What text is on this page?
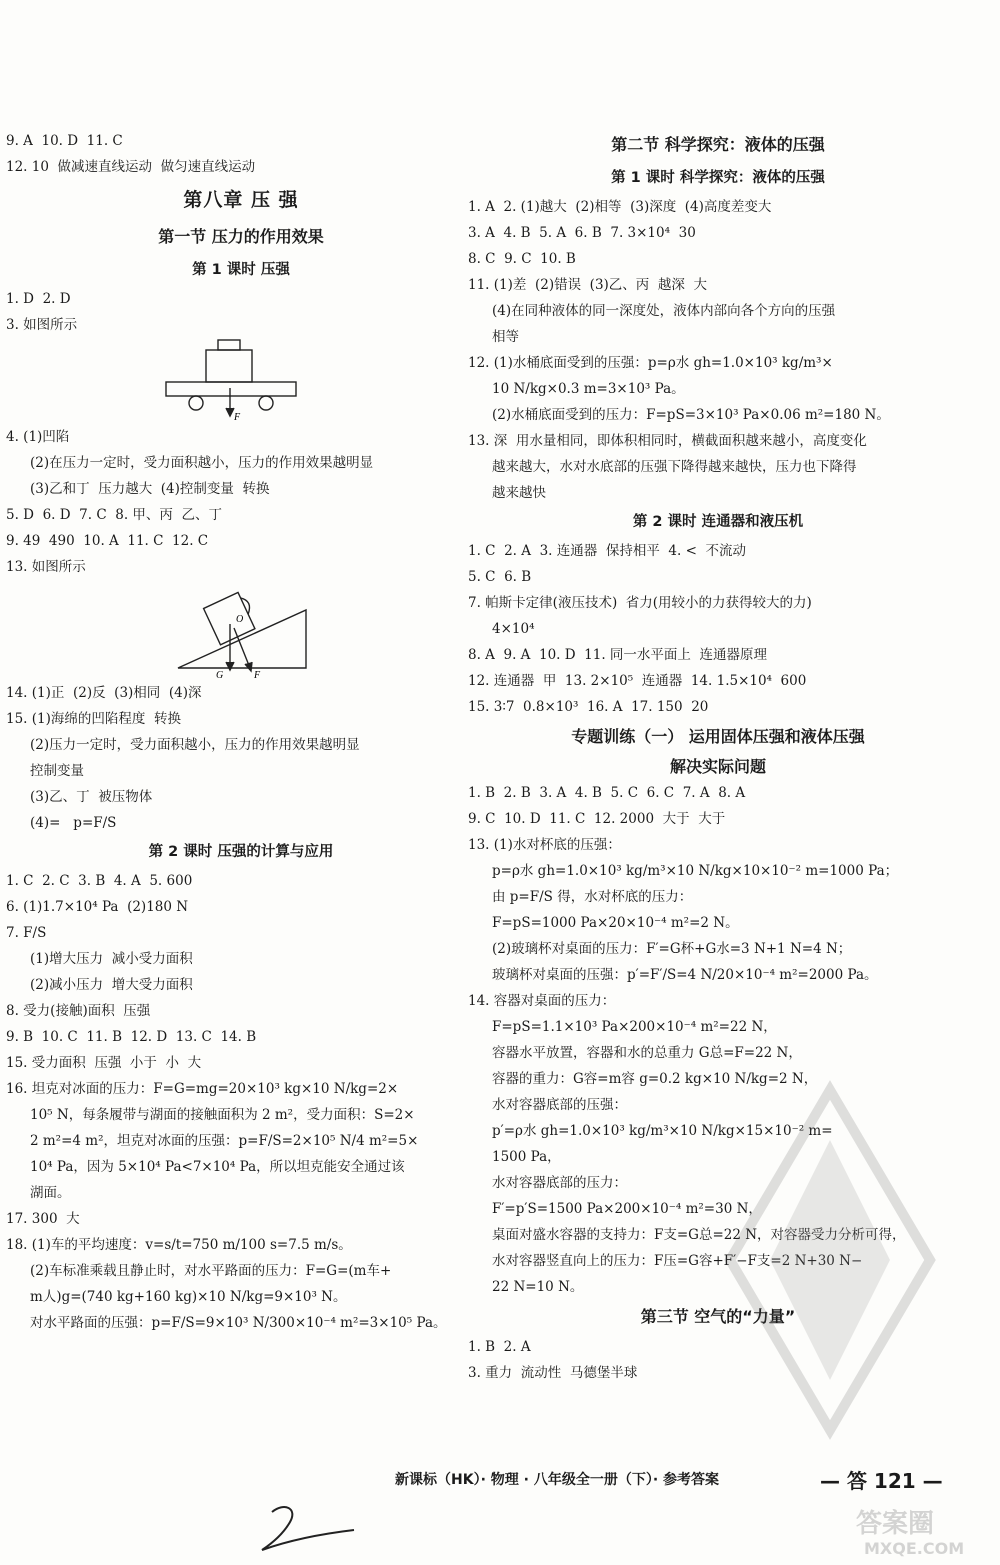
9. A  10. D  11. C
12. 10  做减速直线运动  做匀速直线运动
第八章 压 强
第一节 压力的作用效果
第 1 课时 压强
1. D  2. D
3. 如图所示
F
4. (1)凹陷
(2)在压力一定时，受力面积越小，压力的作用效果越明显
(3)乙和丁  压力越大  (4)控制变量  转换
5. D  6. D  7. C  8. 甲、丙  乙、丁
9. 49  490  10. A  11. C  12. C
13. 如图所示
O
G	F
14. (1)正  (2)反  (3)相同  (4)深
15. (1)海绵的凹陷程度  转换
(2)压力一定时，受力面积越小，压力的作用效果越明显
控制变量
(3)乙、丁  被压物体
(4)=   p=F/S
第 2 课时 压强的计算与应用
1. C  2. C  3. B  4. A  5. 600
6. (1)1.7×10⁴ Pa  (2)180 N
7. F/S
(1)增大压力  减小受力面积
(2)减小压力  增大受力面积
8. 受力(接触)面积  压强
9. B  10. C  11. B  12. D  13. C  14. B
15. 受力面积  压强  小于  小  大
16. 坦克对冰面的压力：F=G=mg=20×10³ kg×10 N/kg=2×
10⁵ N，每条履带与湖面的接触面积为 2 m²，受力面积：S=2×
2 m²=4 m²，坦克对冰面的压强：p=F/S=2×10⁵ N/4 m²=5×
10⁴ Pa，因为 5×10⁴ Pa<7×10⁴ Pa，所以坦克能安全通过该
湖面。
17. 300  大
18. (1)车的平均速度：v=s/t=750 m/100 s=7.5 m/s。
(2)车标准乘载且静止时，对水平路面的压力：F=G=(m车+
m人)g=(740 kg+160 kg)×10 N/kg=9×10³ N。
对水平路面的压强：p=F/S=9×10³ N/300×10⁻⁴ m²=3×10⁵ Pa。
第二节 科学探究：液体的压强
第 1 课时 科学探究：液体的压强
1. A  2. (1)越大  (2)相等  (3)深度  (4)高度差变大
3. A  4. B  5. A  6. B  7. 3×10⁴  30
8. C  9. C  10. B
11. (1)差  (2)错误  (3)乙、丙  越深  大
(4)在同种液体的同一深度处，液体内部向各个方向的压强
相等
12. (1)水桶底面受到的压强：p=ρ水 gh=1.0×10³ kg/m³×
10 N/kg×0.3 m=3×10³ Pa。
(2)水桶底面受到的压力：F=pS=3×10³ Pa×0.06 m²=180 N。
13. 深  用水量相同，即体积相同时，横截面积越来越小，高度变化
越来越大，水对水底部的压强下降得越来越快，压力也下降得
越来越快
第 2 课时 连通器和液压机
1. C  2. A  3. 连通器  保持相平  4. <  不流动
5. C  6. B
7. 帕斯卡定律(液压技术)  省力(用较小的力获得较大的力)
4×10⁴
8. A  9. A  10. D  11. 同一水平面上  连通器原理
12. 连通器  甲  13. 2×10⁵  连通器  14. 1.5×10⁴  600
15. 3∶7  0.8×10³  16. A  17. 150  20
专题训练（一） 运用固体压强和液体压强
解决实际问题
1. B  2. B  3. A  4. B  5. C  6. C  7. A  8. A
9. C  10. D  11. C  12. 2000  大于  大于
13. (1)水对杯底的压强：
p=ρ水 gh=1.0×10³ kg/m³×10 N/kg×10×10⁻² m=1000 Pa；
由 p=F/S 得，水对杯底的压力：
F=pS=1000 Pa×20×10⁻⁴ m²=2 N。
(2)玻璃杯对桌面的压力：F′=G杯+G水=3 N+1 N=4 N；
玻璃杯对桌面的压强：p′=F′/S=4 N/20×10⁻⁴ m²=2000 Pa。
14. 容器对桌面的压力：
F=pS=1.1×10³ Pa×200×10⁻⁴ m²=22 N，
容器水平放置，容器和水的总重力 G总=F=22 N，
容器的重力：G容=m容 g=0.2 kg×10 N/kg=2 N，
水对容器底部的压强：
p′=ρ水 gh=1.0×10³ kg/m³×10 N/kg×15×10⁻² m=
1500 Pa，
水对容器底部的压力：
F′=p′S=1500 Pa×200×10⁻⁴ m²=30 N，
桌面对盛水容器的支持力：F支=G总=22 N，对容器受力分析可得，
水对容器竖直向上的压力：F压=G容+F′−F支=2 N+30 N−
22 N=10 N。
第三节 空气的“力量”
1. B  2. A
3. 重力  流动性  马德堡半球
新课标（HK）· 物理 · 八年级全一册（下）· 参考答案	— 答 121 —
答案圈
MXQE.COM
